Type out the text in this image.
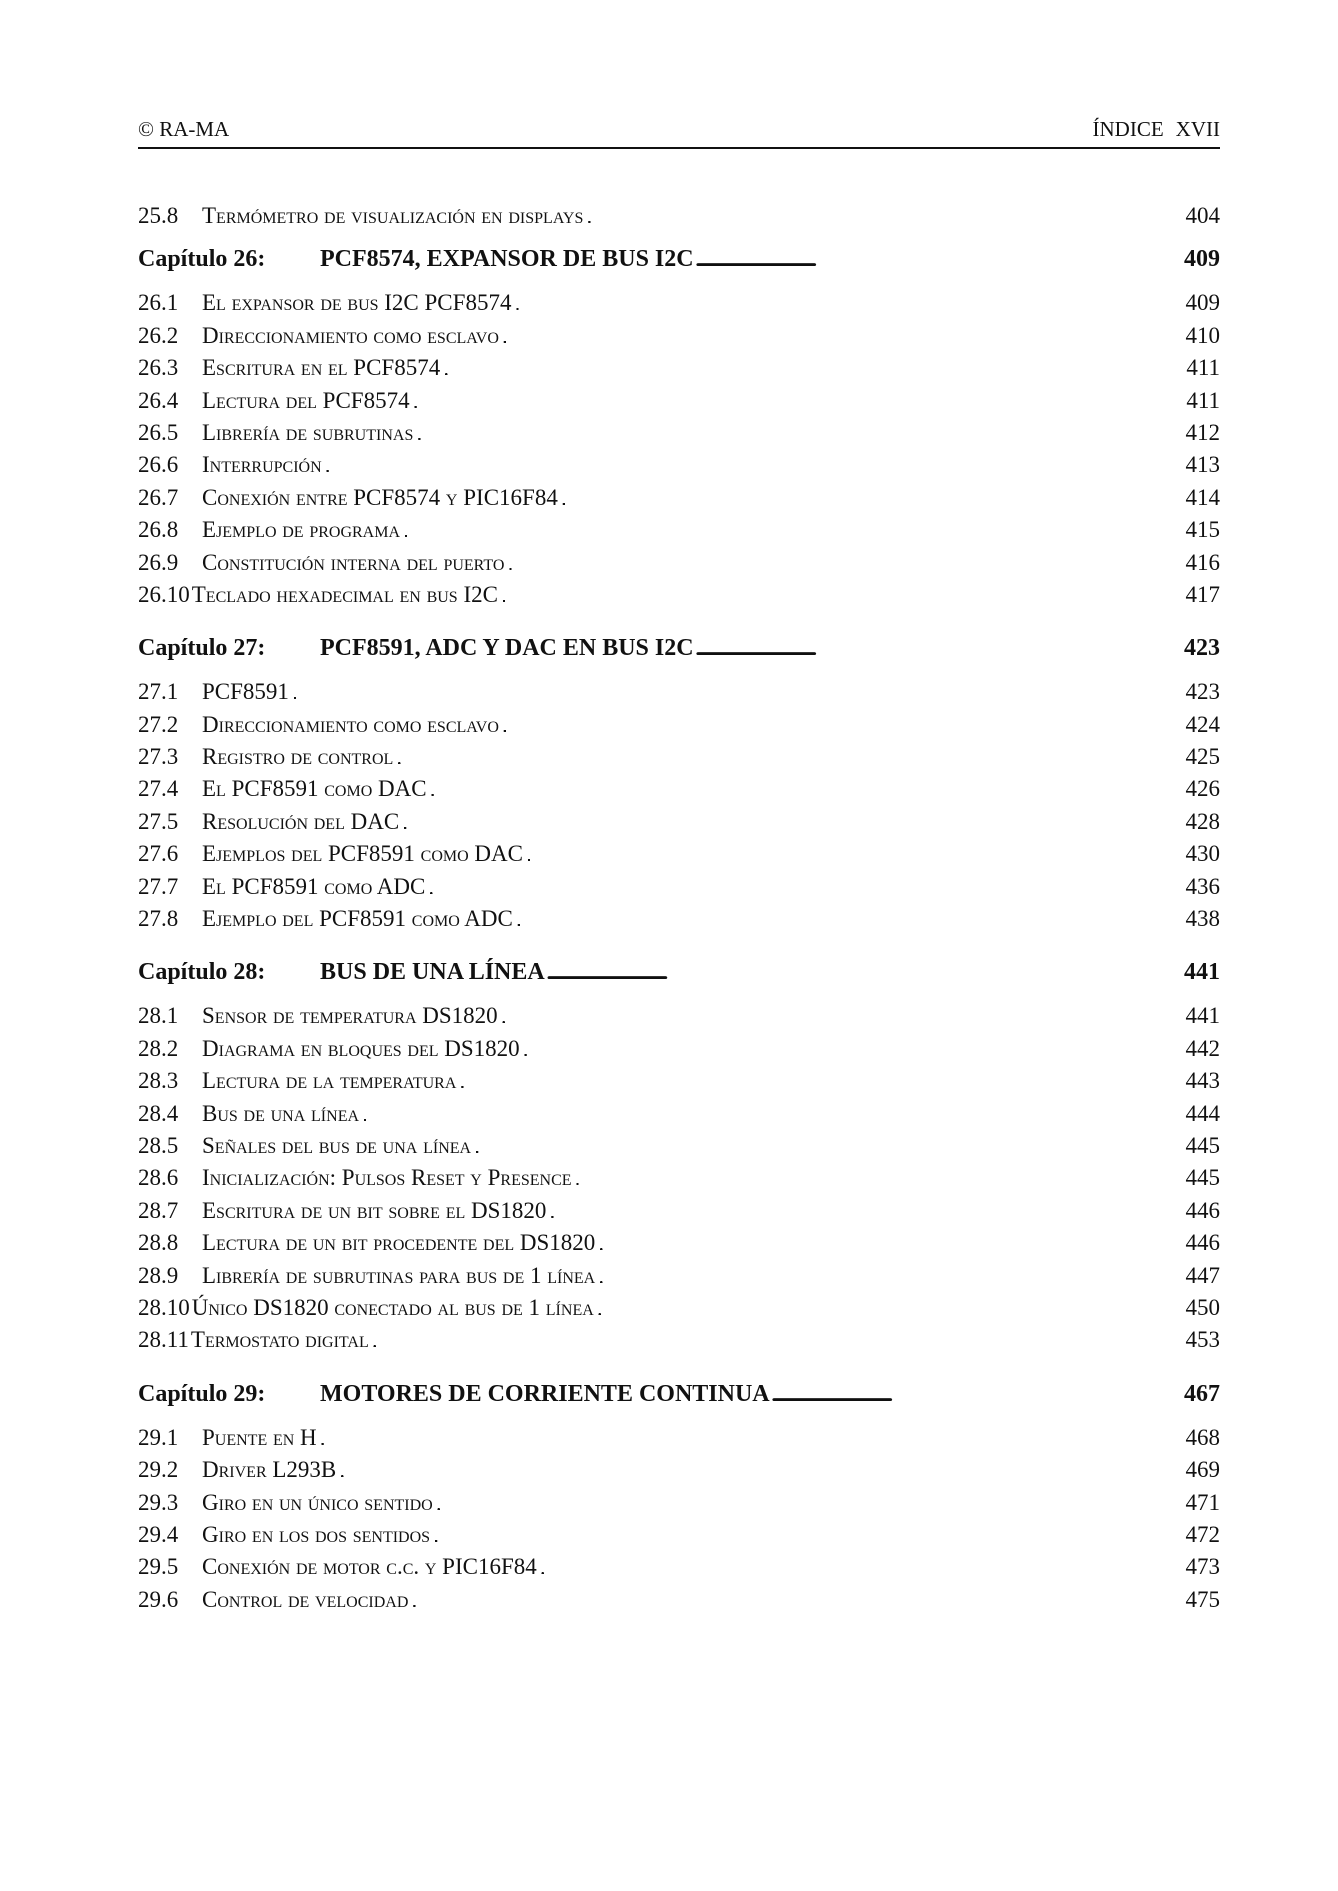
© RA-MA	ÍNDICE XVII
25.8	Termómetro de visualización en displays . . .	404
Capítulo 26:	PCF8574, EXPANSOR DE BUS I2C . . .	409
26.1	El expansor de bus I2C PCF8574 . . .	409
26.2	Direccionamiento como esclavo . . .	410
26.3	Escritura en el PCF8574 . . .	411
26.4	Lectura del PCF8574 . . .	411
26.5	Librería de subrutinas . . .	412
26.6	Interrupción . . .	413
26.7	Conexión entre PCF8574 y PIC16F84 . . .	414
26.8	Ejemplo de programa . . .	415
26.9	Constitución interna del puerto . . .	416
26.10 Teclado hexadecimal en bus I2C . . .	417
Capítulo 27:	PCF8591, ADC Y DAC EN BUS I2C . . .	423
27.1	PCF8591 . . .	423
27.2	Direccionamiento como esclavo . . .	424
27.3	Registro de control . . .	425
27.4	El PCF8591 como DAC . . .	426
27.5	Resolución del DAC . . .	428
27.6	Ejemplos del PCF8591 como DAC . . .	430
27.7	El PCF8591 como ADC . . .	436
27.8	Ejemplo del PCF8591 como ADC . . .	438
Capítulo 28:	BUS DE UNA LÍNEA . . .	441
28.1	Sensor de temperatura DS1820 . . .	441
28.2	Diagrama en bloques del DS1820 . . .	442
28.3	Lectura de la temperatura . . .	443
28.4	Bus de una línea . . .	444
28.5	Señales del bus de una línea . . .	445
28.6	Inicialización: Pulsos Reset y Presence . . .	445
28.7	Escritura de un bit sobre el DS1820 . . .	446
28.8	Lectura de un bit procedente del DS1820 . . .	446
28.9	Librería de subrutinas para bus de 1 línea . . .	447
28.10 Único DS1820 conectado al bus de 1 línea . . .	450
28.11 Termostato digital . . .	453
Capítulo 29:	MOTORES DE CORRIENTE CONTINUA . . .	467
29.1	Puente en H . . .	468
29.2	Driver L293B . . .	469
29.3	Giro en un único sentido . . .	471
29.4	Giro en los dos sentidos . . .	472
29.5	Conexión de motor c.c. y PIC16F84 . . .	473
29.6	Control de velocidad . . .	475
